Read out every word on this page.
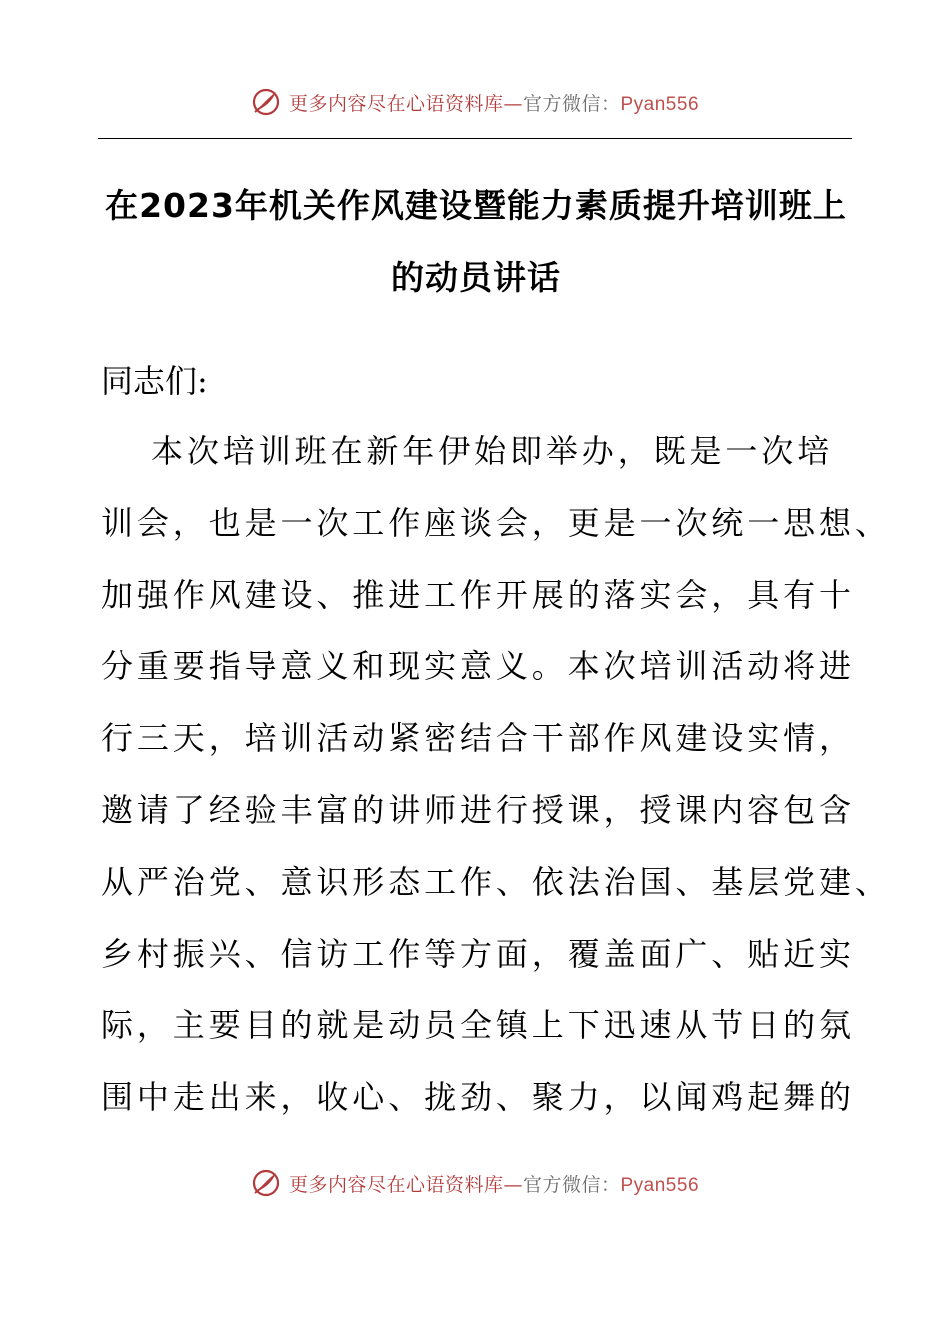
更多内容尽在心语资料库—官方微信：Pyan556
在2023年机关作风建设暨能力素质提升培训班上
的动员讲话
同志们:
本次培训班在新年伊始即举办，既是一次培
训会，也是一次工作座谈会，更是一次统一思想、
加强作风建设、推进工作开展的落实会，具有十
分重要指导意义和现实意义。本次培训活动将进
行三天，培训活动紧密结合干部作风建设实情，
邀请了经验丰富的讲师进行授课，授课内容包含
从严治党、意识形态工作、依法治国、基层党建、
乡村振兴、信访工作等方面，覆盖面广、贴近实
际，主要目的就是动员全镇上下迅速从节日的氛
围中走出来，收心、拢劲、聚力，以闻鸡起舞的
更多内容尽在心语资料库—官方微信：Pyan556
